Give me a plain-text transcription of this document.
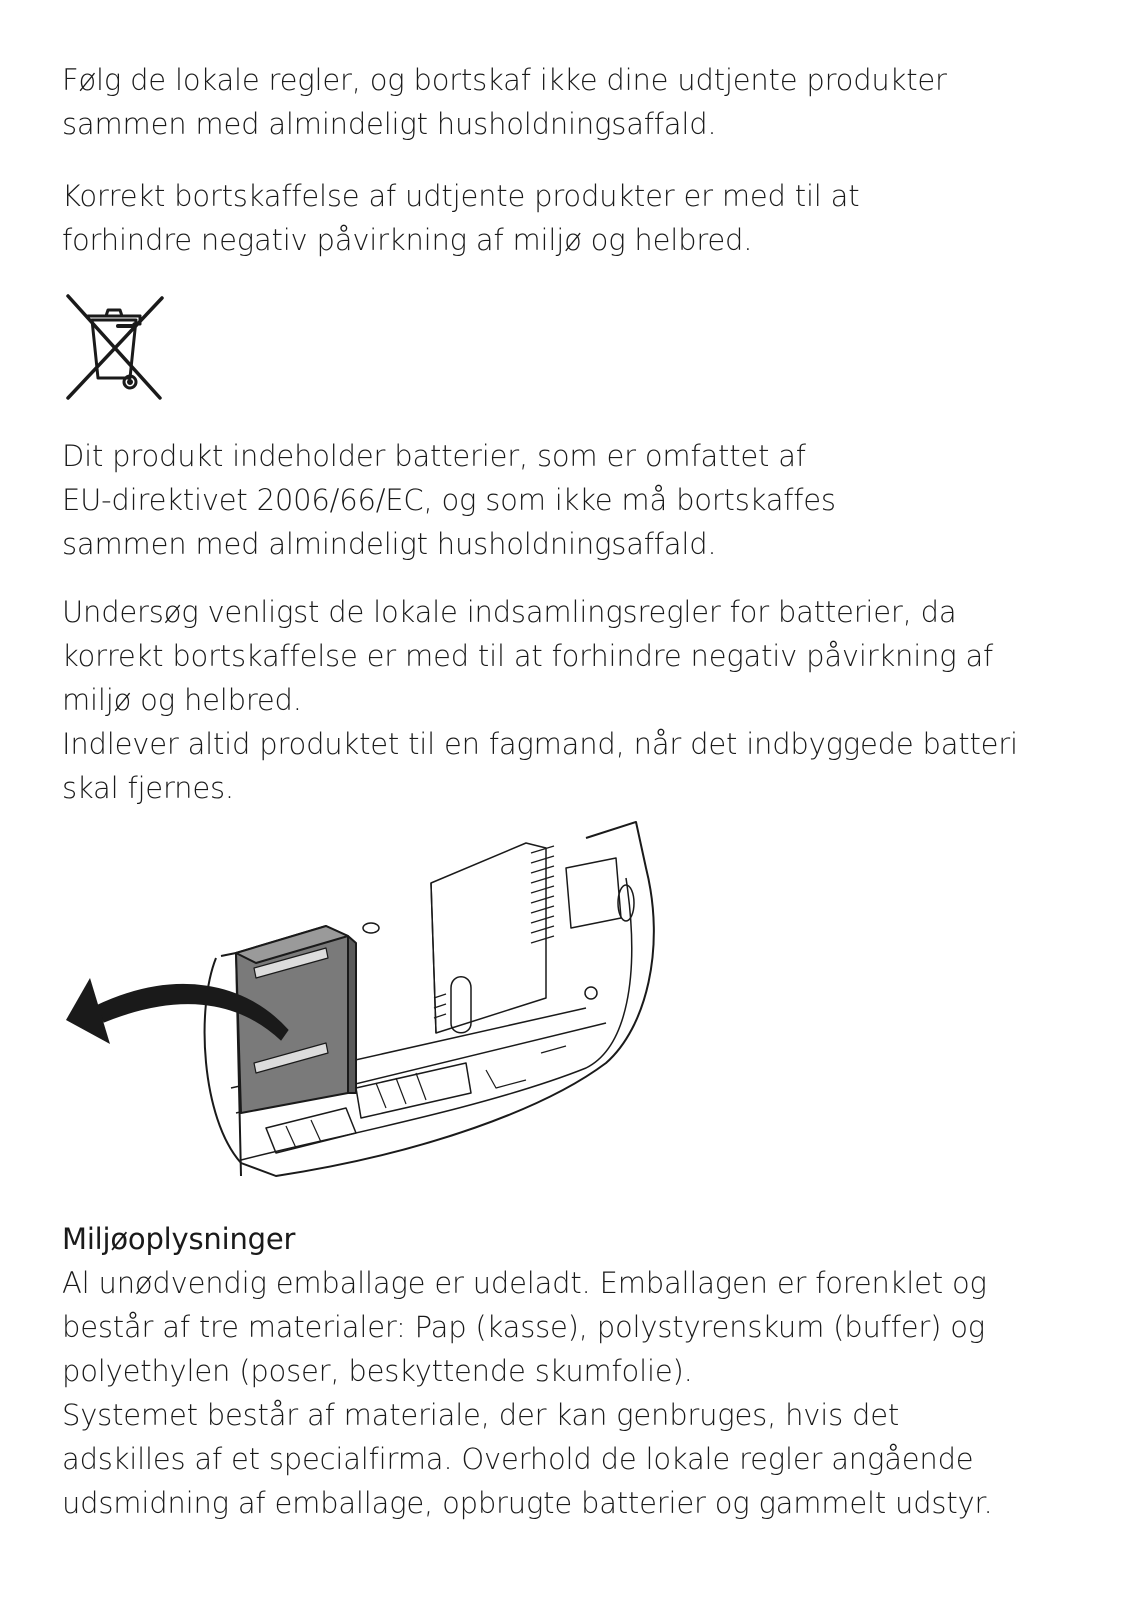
Følg de lokale regler, og bortskaf ikke dine udtjente produkter
sammen med almindeligt husholdningsaffald.

Korrekt bortskaffelse af udtjente produkter er med til at
forhindre negativ påvirkning af miljø og helbred.

Dit produkt indeholder batterier, som er omfattet af
EU-direktivet 2006/66/EC, og som ikke må bortskaffes
sammen med almindeligt husholdningsaffald.

Undersøg venligst de lokale indsamlingsregler for batterier, da
korrekt bortskaffelse er med til at forhindre negativ påvirkning af
miljø og helbred.
Indlever altid produktet til en fagmand, når det indbyggede batteri
skal fjernes.

Miljøoplysninger
Al unødvendig emballage er udeladt. Emballagen er forenklet og
består af tre materialer: Pap (kasse), polystyrenskum (buffer) og
polyethylen (poser, beskyttende skumfolie).
Systemet består af materiale, der kan genbruges, hvis det
adskilles af et specialfirma. Overhold de lokale regler angående
udsmidning af emballage, opbrugte batterier og gammelt udstyr.
